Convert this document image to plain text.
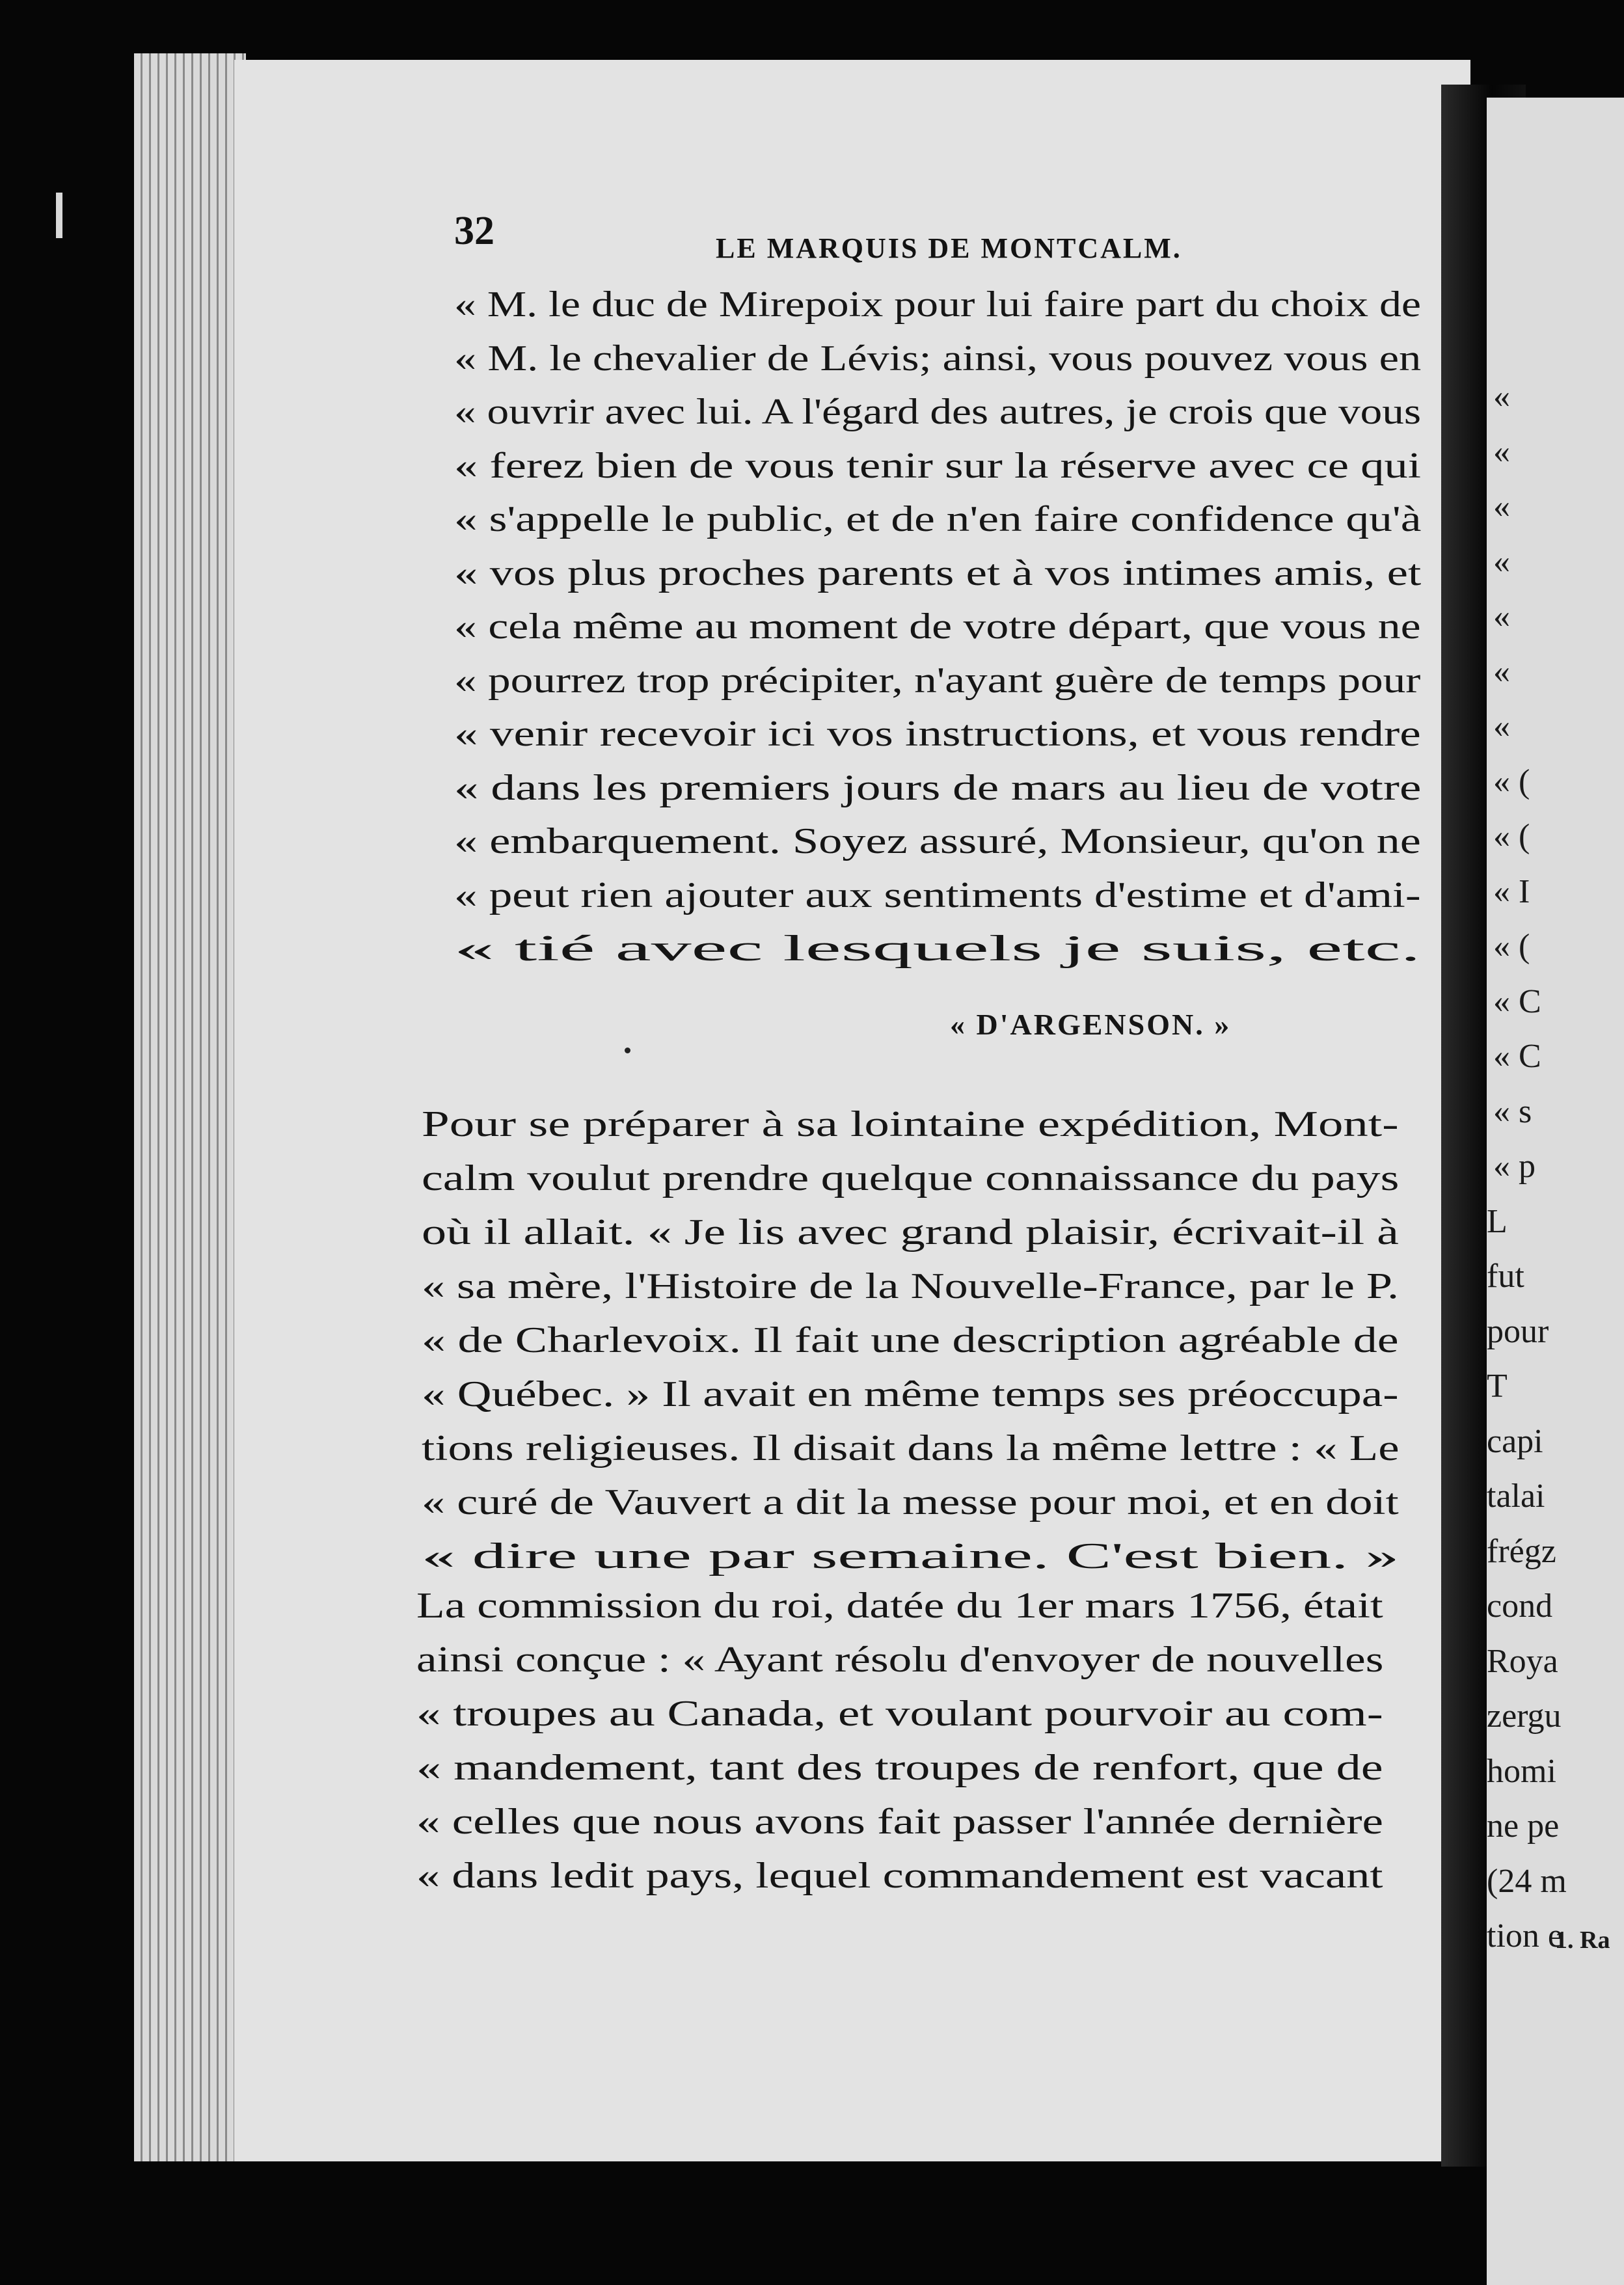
«
«
«
«
«
«
«
« (
« (
« I
« (
« C
« C
« s
« p
L
fut
pour
T
capi
talai
frégz
cond
Roya
zergu
homi
ne pe
(24 m
tion e
1. Ra
32	LE MARQUIS DE MONTCALM.
« M. le duc de Mirepoix pour lui faire part du choix de
« M. le chevalier de Lévis; ainsi, vous pouvez vous en
« ouvrir avec lui. A l'égard des autres, je crois que vous
« ferez bien de vous tenir sur la réserve avec ce qui
« s'appelle le public, et de n'en faire confidence qu'à
« vos plus proches parents et à vos intimes amis, et
« cela même au moment de votre départ, que vous ne
« pourrez trop précipiter, n'ayant guère de temps pour
« venir recevoir ici vos instructions, et vous rendre
« dans les premiers jours de mars au lieu de votre
« embarquement. Soyez assuré, Monsieur, qu'on ne
« peut rien ajouter aux sentiments d'estime et d'ami-
« tié avec lesquels je suis, etc.
« D'ARGENSON. »
Pour se préparer à sa lointaine expédition, Mont-
calm voulut prendre quelque connaissance du pays
où il allait. « Je lis avec grand plaisir, écrivait-il à
« sa mère, l'Histoire de la Nouvelle-France, par le P.
« de Charlevoix. Il fait une description agréable de
« Québec. » Il avait en même temps ses préoccupa-
tions religieuses. Il disait dans la même lettre : « Le
« curé de Vauvert a dit la messe pour moi, et en doit
« dire une par semaine. C'est bien. »
La commission du roi, datée du 1er mars 1756, était
ainsi conçue : « Ayant résolu d'envoyer de nouvelles
« troupes au Canada, et voulant pourvoir au com-
« mandement, tant des troupes de renfort, que de
« celles que nous avons fait passer l'année dernière
« dans ledit pays, lequel commandement est vacant
